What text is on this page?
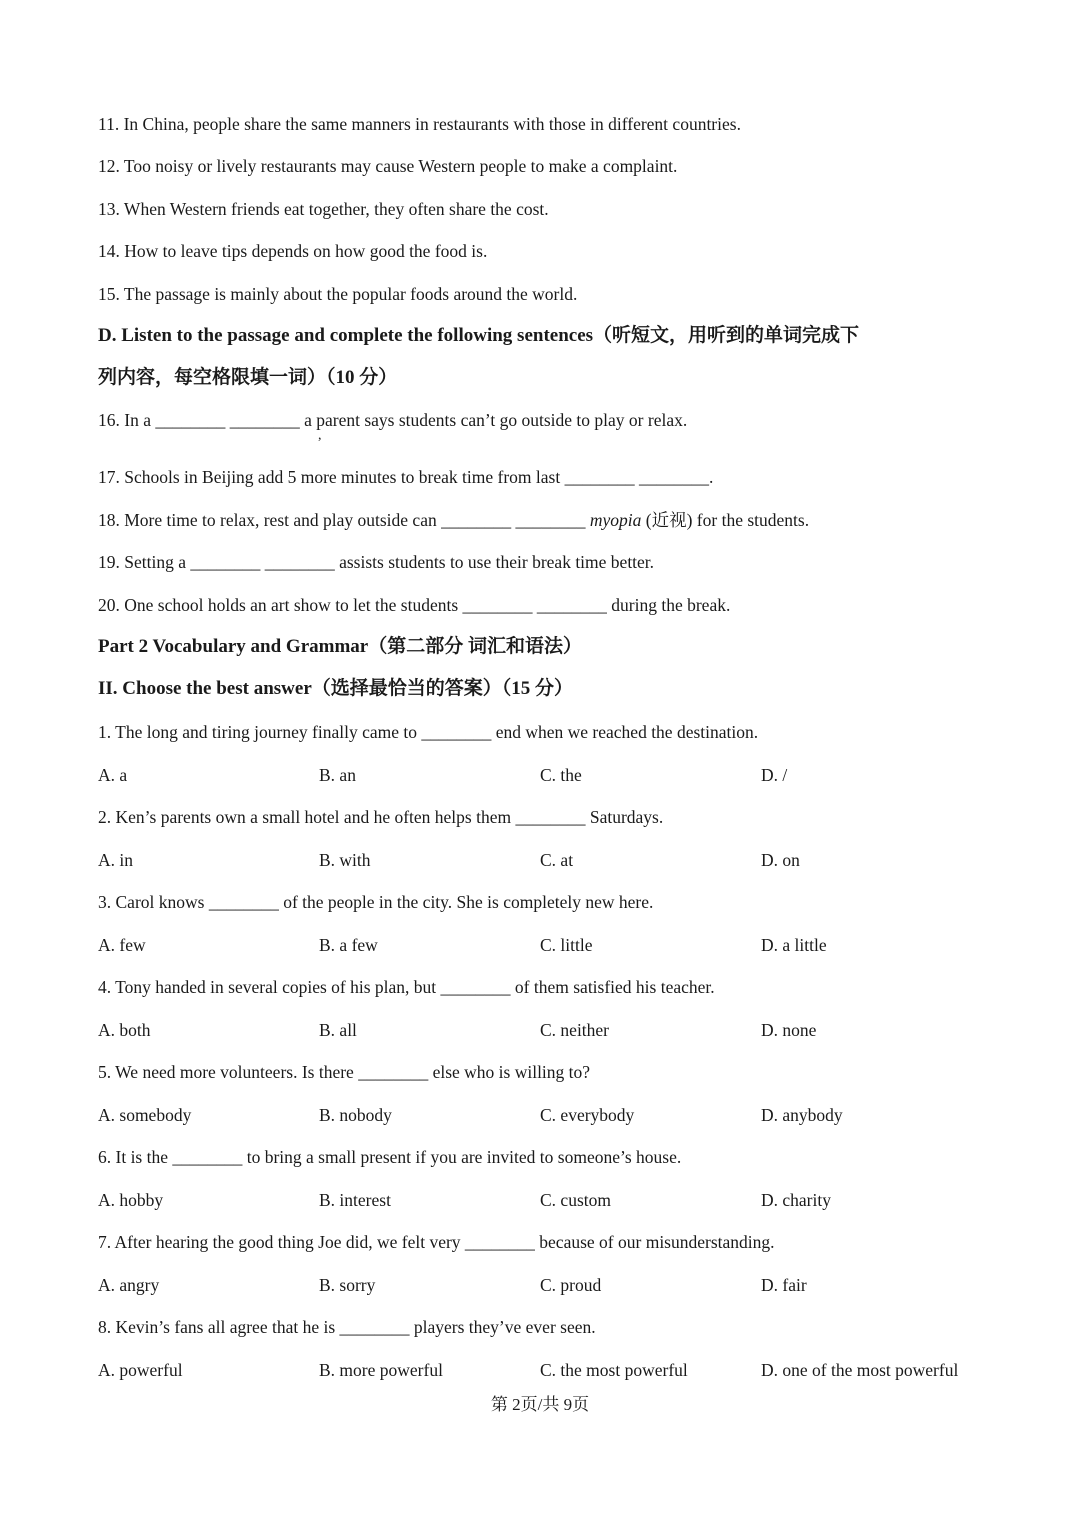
11. In China, people share the same manners in restaurants with those in different countries.
12. Too noisy or lively restaurants may cause Western people to make a complaint.
13. When Western friends eat together, they often share the cost.
14. How to leave tips depends on how good the food is.
15. The passage is mainly about the popular foods around the world.
D. Listen to the passage and complete the following sentences（听短文，用听到的单词完成下
列内容，每空格限填一词）（10 分）
16. In a ________ ________ a parent says students can’t go outside to play or relax.
,
17. Schools in Beijing add 5 more minutes to break time from last ________ ________.
18. More time to relax, rest and play outside can ________ ________ myopia (近视) for the students.
19. Setting a ________ ________ assists students to use their break time better.
20. One school holds an art show to let the students ________ ________ during the break.
Part 2 Vocabulary and Grammar（第二部分 词汇和语法）
II. Choose the best answer（选择最恰当的答案）（15 分）
1. The long and tiring journey finally came to ________ end when we reached the destination.
A. a	B. an	C. the	D. /
2. Ken’s parents own a small hotel and he often helps them ________ Saturdays.
A. in	B. with	C. at	D. on
3. Carol knows ________ of the people in the city. She is completely new here.
A. few	B. a few	C. little	D. a little
4. Tony handed in several copies of his plan, but ________ of them satisfied his teacher.
A. both	B. all	C. neither	D. none
5. We need more volunteers. Is there ________ else who is willing to?
A. somebody	B. nobody	C. everybody	D. anybody
6. It is the ________ to bring a small present if you are invited to someone’s house.
A. hobby	B. interest	C. custom	D. charity
7. After hearing the good thing Joe did, we felt very ________ because of our misunderstanding.
A. angry	B. sorry	C. proud	D. fair
8. Kevin’s fans all agree that he is ________ players they’ve ever seen.
A. powerful	B. more powerful	C. the most powerful	D. one of the most powerful
第 2页/共 9页
